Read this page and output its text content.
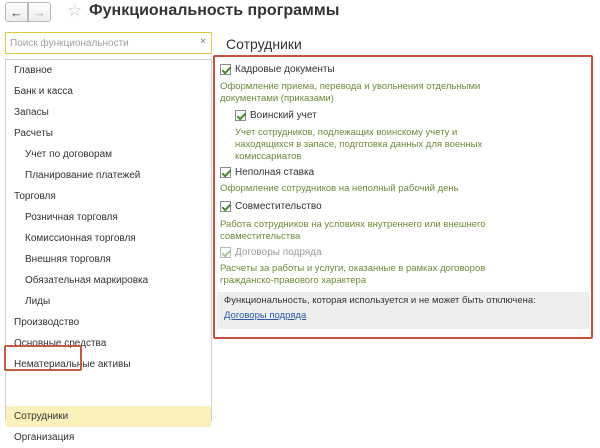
← → ☆ Функциональность программы
Поиск функциональности
×
Главное
Банк и касса
Запасы
Расчеты
Учет по договорам
Планирование платежей
Торговля
Розничная торговля
Комиссионная торговля
Внешняя торговля
Обязательная маркировка
Лиды
Производство
Основные средства
Нематериальные активы
Сотрудники
Организация
Сотрудники
Кадровые документы
Оформление приема, перевода и увольнения отдельными
документами (приказами)
Воинский учет
Учет сотрудников, подлежащих воинскому учету и
находящихся в запасе, подготовка данных для военных
комиссариатов
Неполная ставка
Оформление сотрудников на неполный рабочий день
Совместительство
Работа сотрудников на условиях внутреннего или внешнего
совместительства
Договоры подряда
Расчеты за работы и услуги, оказанные в рамках договоров
гражданско-правового характера
Функциональность, которая используется и не может быть отключена:
Договоры подряда
